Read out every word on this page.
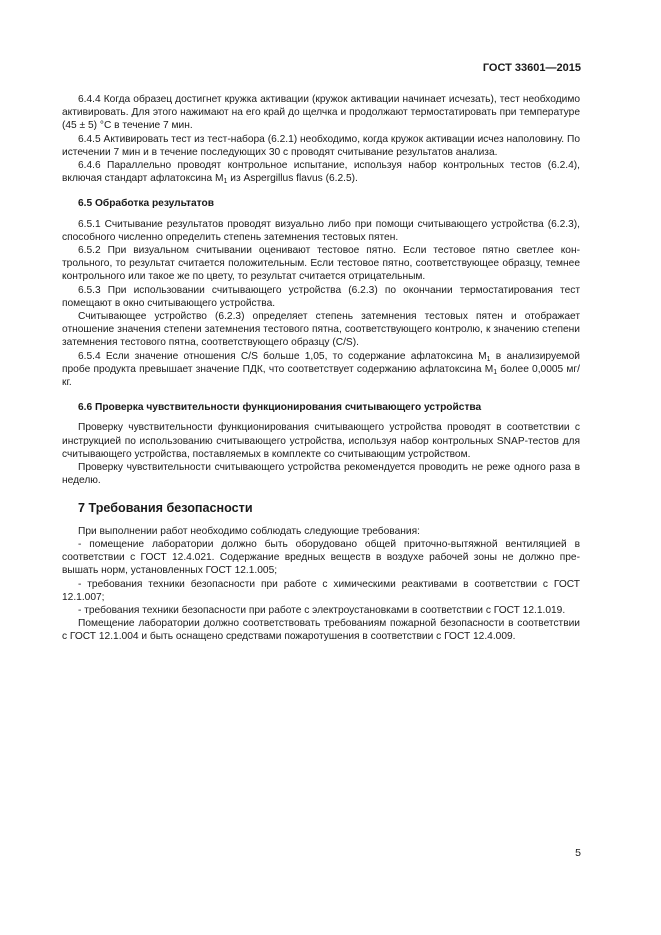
ГОСТ 33601—2015

6.4.4 Когда образец достигнет кружка активации (кружок активации начинает исчезать), тест необходимо активировать. Для этого нажимают на его край до щелчка и продолжают термостатировать при температуре (45 ± 5) °С в течение 7 мин.

6.4.5 Активировать тест из тест-набора (6.2.1) необходимо, когда кружок активации исчез наполовину. По истечении 7 мин и в течение последующих 30 с проводят считывание результатов анализа.

6.4.6 Параллельно проводят контрольное испытание, используя набор контрольных тестов (6.2.4), включая стандарт афлатоксина $М_1$ из Aspergillus flavus (6.2.5).

6.5 Обработка результатов

6.5.1 Считывание результатов проводят визуально либо при помощи считывающего устройства (6.2.3), способного численно определить степень затемнения тестовых пятен.

6.5.2 При визуальном считывании оценивают тестовое пятно. Если тестовое пятно светлее контрольного, то результат считается положительным. Если тестовое пятно, соответствующее образцу, темнее контрольного или такое же по цвету, то результат считается отрицательным.

6.5.3 При использовании считывающего устройства (6.2.3) по окончании термостатирования тест помещают в окно считывающего устройства.

Считывающее устройство (6.2.3) определяет степень затемнения тестовых пятен и отображает отношение значения степени затемнения тестового пятна, соответствующего контролю, к значению степени затемнения тестового пятна, соответствующего образцу (C/S).

6.5.4 Если значение отношения C/S больше 1,05, то содержание афлатоксина $М_1$ в анализируемой пробе продукта превышает значение ПДК, что соответствует содержанию афлатоксина $М_1$ более 0,0005 мг/кг.

6.6 Проверка чувствительности функционирования считывающего устройства

Проверку чувствительности функционирования считывающего устройства проводят в соответствии с инструкцией по использованию считывающего устройства, используя набор контрольных SNAP-тестов для считывающего устройства, поставляемых в комплекте со считывающим устройством.

Проверку чувствительности считывающего устройства рекомендуется проводить не реже одного раза в неделю.

7 Требования безопасности

При выполнении работ необходимо соблюдать следующие требования:

- помещение лаборатории должно быть оборудовано общей приточно-вытяжной вентиляцией в соответствии с ГОСТ 12.4.021. Содержание вредных веществ в воздухе рабочей зоны не должно превышать норм, установленных ГОСТ 12.1.005;

- требования техники безопасности при работе с химическими реактивами в соответствии с ГОСТ 12.1.007;

- требования техники безопасности при работе с электроустановками в соответствии с ГОСТ 12.1.019.

Помещение лаборатории должно соответствовать требованиям пожарной безопасности в соответствии с ГОСТ 12.1.004 и быть оснащено средствами пожаротушения в соответствии с ГОСТ 12.4.009.

5
